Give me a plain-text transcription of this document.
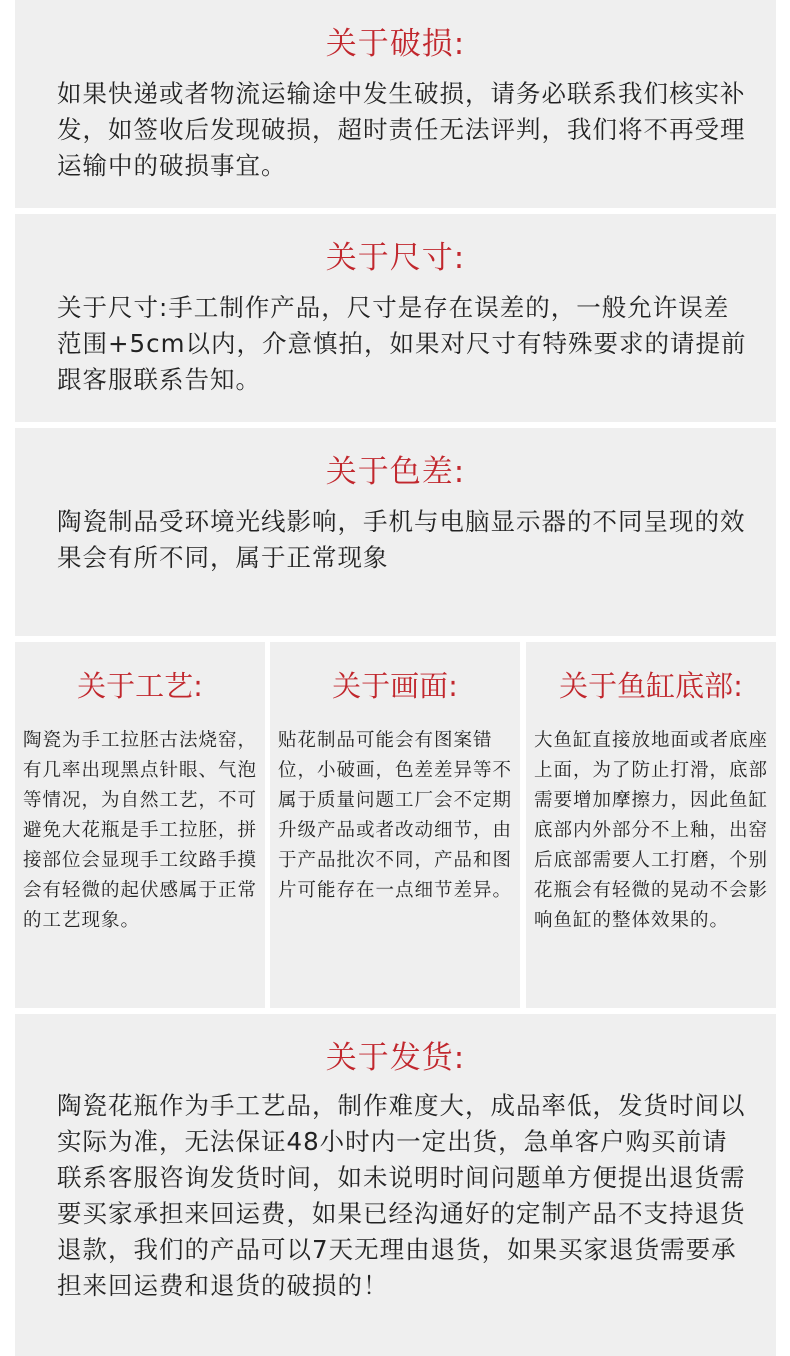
关于破损:
如果快递或者物流运输途中发生破损，请务必联系我们核实补发，如签收后发现破损，超时责任无法评判，我们将不再受理运输中的破损事宜。
关于尺寸:
关于尺寸:手工制作产品，尺寸是存在误差的，一般允许误差范围+5cm以内，介意慎拍，如果对尺寸有特殊要求的请提前跟客服联系告知。
关于色差:
陶瓷制品受环境光线影响，手机与电脑显示器的不同呈现的效果会有所不同，属于正常现象
关于工艺:
陶瓷为手工拉胚古法烧窑，有几率出现黑点针眼、气泡等情况，为自然工艺，不可避免大花瓶是手工拉胚，拼接部位会显现手工纹路手摸会有轻微的起伏感属于正常的工艺现象。
关于画面:
贴花制品可能会有图案错位，小破画，色差差异等不属于质量问题工厂会不定期升级产品或者改动细节，由于产品批次不同，产品和图片可能存在一点细节差异。
关于鱼缸底部:
大鱼缸直接放地面或者底座上面，为了防止打滑，底部需要增加摩擦力，因此鱼缸底部内外部分不上釉，出窑后底部需要人工打磨，个别花瓶会有轻微的晃动不会影响鱼缸的整体效果的。
关于发货:
陶瓷花瓶作为手工艺品，制作难度大，成品率低，发货时间以实际为准，无法保证48小时内一定出货，急单客户购买前请联系客服咨询发货时间，如未说明时间问题单方便提出退货需要买家承担来回运费，如果已经沟通好的定制产品不支持退货退款，我们的产品可以7天无理由退货，如果买家退货需要承担来回运费和退货的破损的！
